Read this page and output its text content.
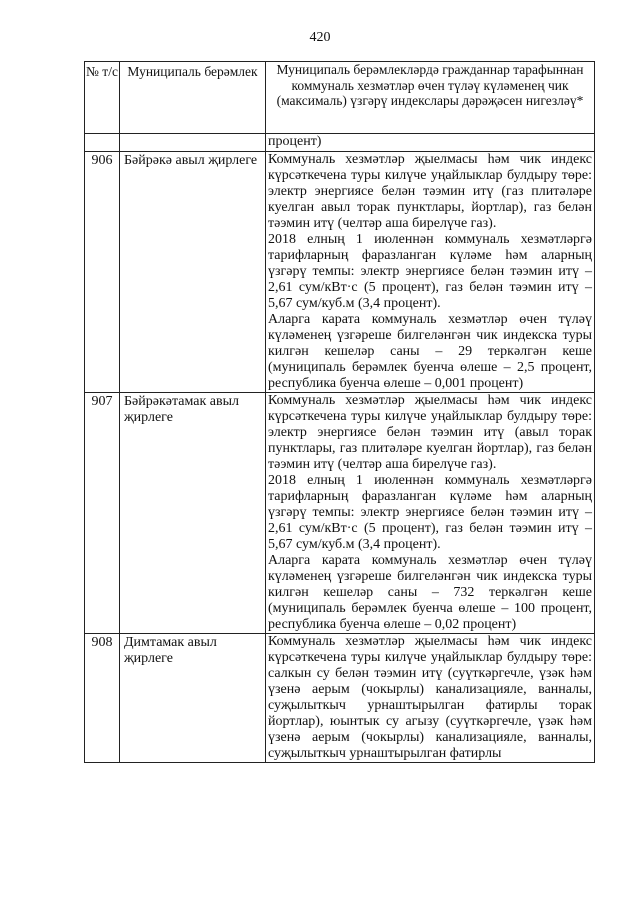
420
№ т/с	Муниципаль берәмлек	Муниципаль берәмлекләрдә гражданнар тарафыннан коммуналь хезмәтләр өчен түләү күләменең чик (максималь) үзгәрү индекслары дәрәҗәсен нигезләү*
		процент)
906	Бәйрәкә авыл җирлеге	Коммуналь хезмәтләр җыелмасы һәм чик индекс күрсәткечена туры килүче уңайлыклар булдыру төре: электр энергиясе белән тәэмин итү (газ плитәләре куелган авыл торак пунктлары, йортлар), газ белән тәэмин итү (челтәр аша бирелүче газ).

2018 елның 1 июленнән коммуналь хезмәтләргә тарифларның фаразланган күләме һәм аларның үзгәрү темпы: электр энергиясе белән тәэмин итү – 2,61 сум/кВт·с (5 процент), газ белән тәэмин итү – 5,67 сум/куб.м (3,4 процент).

Аларга карата коммуналь хезмәтләр өчен түләү күләменең үзгәреше билгеләнгән чик индекска туры килгән кешеләр саны – 29 теркәлгән кеше (муниципаль берәмлек буенча өлеше – 2,5 процент, республика буенча өлеше – 0,001 процент)

907	Бәйрәкәтамак авыл җирлеге	Коммуналь хезмәтләр җыелмасы һәм чик индекс күрсәткечена туры килүче уңайлыклар булдыру төре: электр энергиясе белән тәэмин итү (авыл торак пунктлары, газ плитәләре куелган йортлар), газ белән тәэмин итү (челтәр аша бирелүче газ).

2018 елның 1 июленнән коммуналь хезмәтләргә тарифларның фаразланган күләме һәм аларның үзгәрү темпы: электр энергиясе белән тәэмин итү – 2,61 сум/кВт·с (5 процент), газ белән тәэмин итү – 5,67 сум/куб.м (3,4 процент).

Аларга карата коммуналь хезмәтләр өчен түләү күләменең үзгәреше билгеләнгән чик индекска туры килгән кешеләр саны – 732 теркәлгән кеше (муниципаль берәмлек буенча өлеше – 100 процент, республика буенча өлеше – 0,02 процент)

908	Димтамак авыл җирлеге	Коммуналь хезмәтләр җыелмасы һәм чик индекс күрсәткечена туры килүче уңайлыклар булдыру төре: салкын су белән тәэмин итү (суүткәргечле, үзәк һәм үзенә аерым (чокырлы) канализацияле, ванналы, суҗылыткыч урнаштырылган фатирлы торак йортлар), юынтык су агызу (суүткәргечле, үзәк һәм үзенә аерым (чокырлы) канализацияле, ванналы, суҗылыткыч урнаштырылган фатирлы
